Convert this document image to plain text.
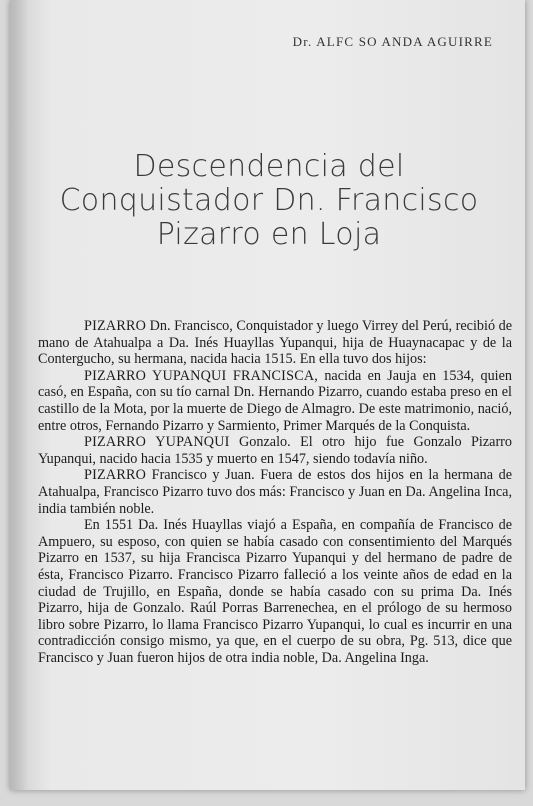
Dr. ALFC SO ANDA AGUIRRE
Descendencia del
Conquistador Dn. Francisco
Pizarro en Loja

PIZARRO Dn. Francisco, Conquistador y luego Virrey del Perú, recibió de mano de Atahualpa a Da. Inés Huayllas Yupanqui, hija de Huaynacapac y de la Contergucho, su hermana, nacida hacia 1515. En ella tuvo dos hijos:

PIZARRO YUPANQUI FRANCISCA, nacida en Jauja en 1534, quien casó, en España, con su tío carnal Dn. Hernando Pizarro, cuando estaba preso en el castillo de la Mota, por la muerte de Diego de Almagro. De este matrimonio, nació, entre otros, Fernando Pizarro y Sarmiento, Primer Marqués de la Conquista.

PIZARRO YUPANQUI Gonzalo. El otro hijo fue Gonzalo Pizarro Yupanqui, nacido hacia 1535 y muerto en 1547, siendo todavía niño.

PIZARRO Francisco y Juan. Fuera de estos dos hijos en la hermana de Atahualpa, Francisco Pizarro tuvo dos más: Francisco y Juan en Da. Angelina Inca, india también noble.

En 1551 Da. Inés Huayllas viajó a España, en compañía de Francisco de Ampuero, su esposo, con quien se había casado con consentimiento del Marqués Pizarro en 1537, su hija Francisca Pizarro Yupanqui y del hermano de padre de ésta, Francisco Pizarro. Francisco Pizarro falleció a los veinte años de edad en la ciudad de Trujillo, en España, donde se había casado con su prima Da. Inés Pizarro, hija de Gonzalo. Raúl Porras Barrenechea, en el prólogo de su hermoso libro sobre Pizarro, lo llama Francisco Pizarro Yupanqui, lo cual es incurrir en una contradicción consigo mismo, ya que, en el cuerpo de su obra, Pg. 513, dice que Francisco y Juan fueron hijos de otra india noble, Da. Angelina Inga.
